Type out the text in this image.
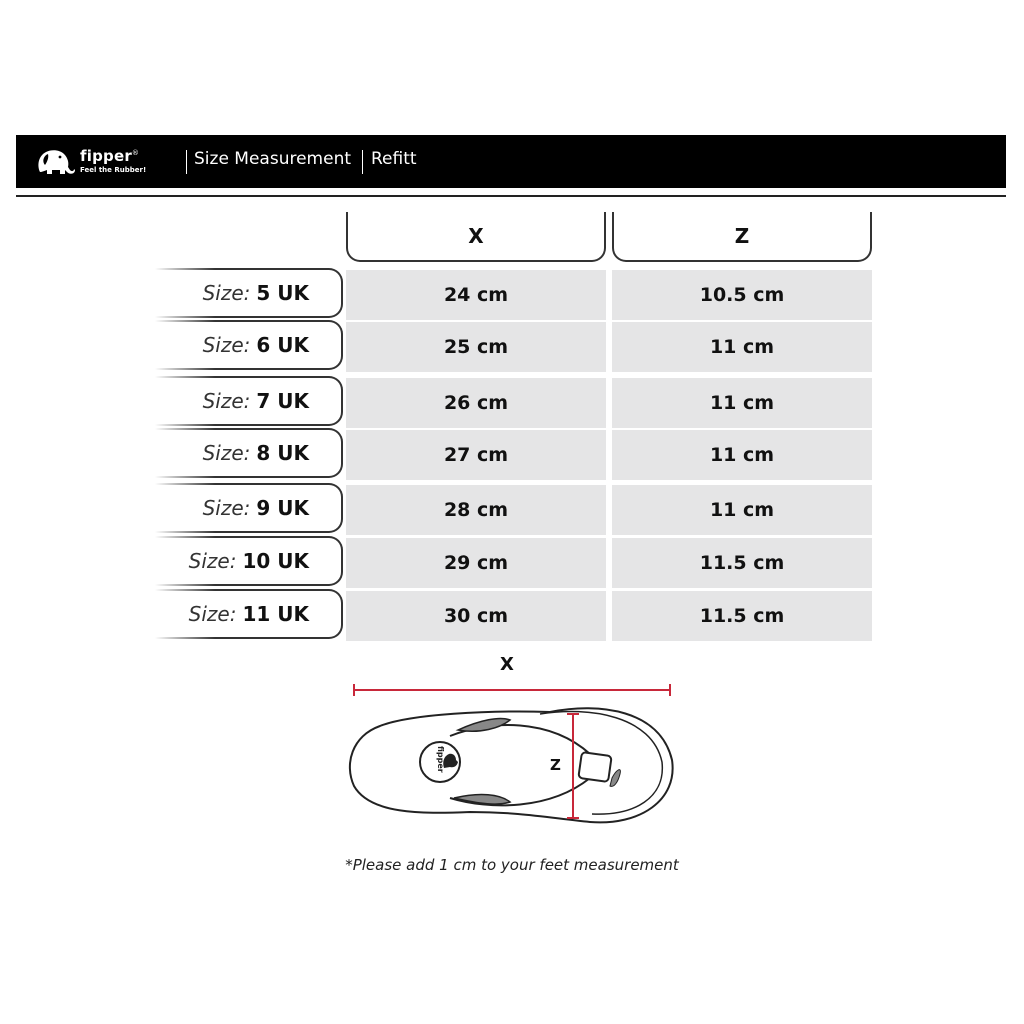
fipper®
Feel the Rubber!
Size Measurement Refitt
X	Z
Size: 5 UK	24 cm	10.5 cm
Size: 6 UK	25 cm	11 cm
Size: 7 UK	26 cm	11 cm
Size: 8 UK	27 cm	11 cm
Size: 9 UK	28 cm	11 cm
Size: 10 UK	29 cm	11.5 cm
Size: 11 UK	30 cm	11.5 cm
X
fipper	Z
*Please add 1 cm to your feet measurement
